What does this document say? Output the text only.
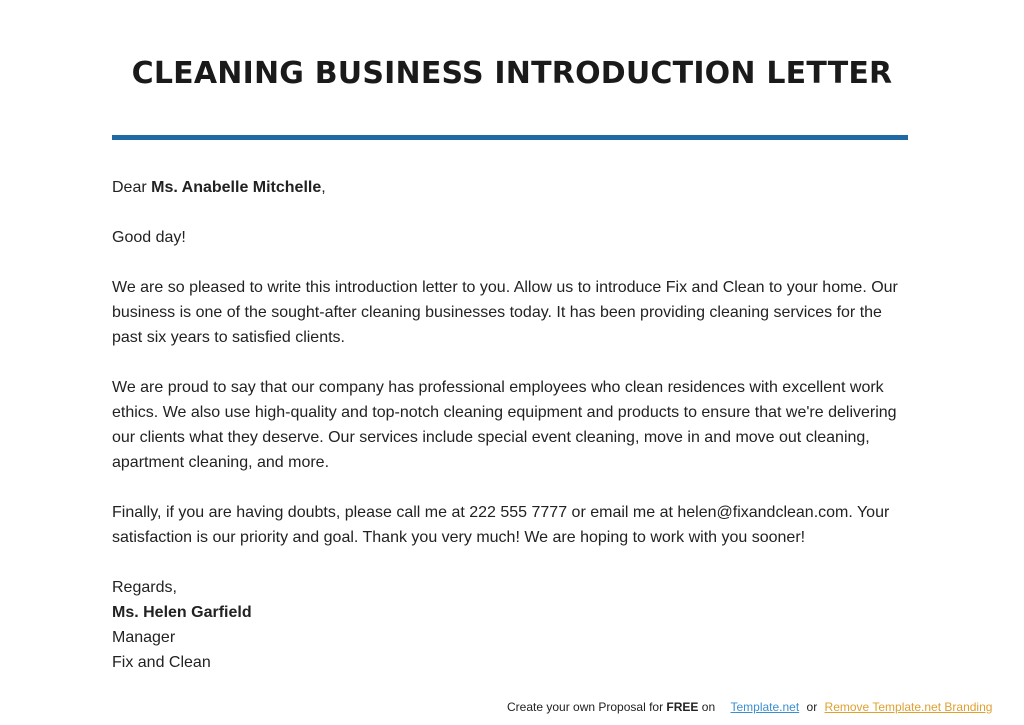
CLEANING BUSINESS INTRODUCTION LETTER

Dear Ms. Anabelle Mitchelle,

Good day!

We are so pleased to write this introduction letter to you. Allow us to introduce Fix and Clean to your home. Our business is one of the sought-after cleaning businesses today. It has been providing cleaning services for the past six years to satisfied clients.

We are proud to say that our company has professional employees who clean residences with excellent work ethics. We also use high-quality and top-notch cleaning equipment and products to ensure that we're delivering our clients what they deserve. Our services include special event cleaning, move in and move out cleaning, apartment cleaning, and more.

Finally, if you are having doubts, please call me at 222 555 7777 or email me at helen@fixandclean.com. Your satisfaction is our priority and goal. Thank you very much! We are hoping to work with you sooner!

Regards,
Ms. Helen Garfield
Manager
Fix and Clean
Create your own Proposal for FREE on Template.net or Remove Template.net Branding
